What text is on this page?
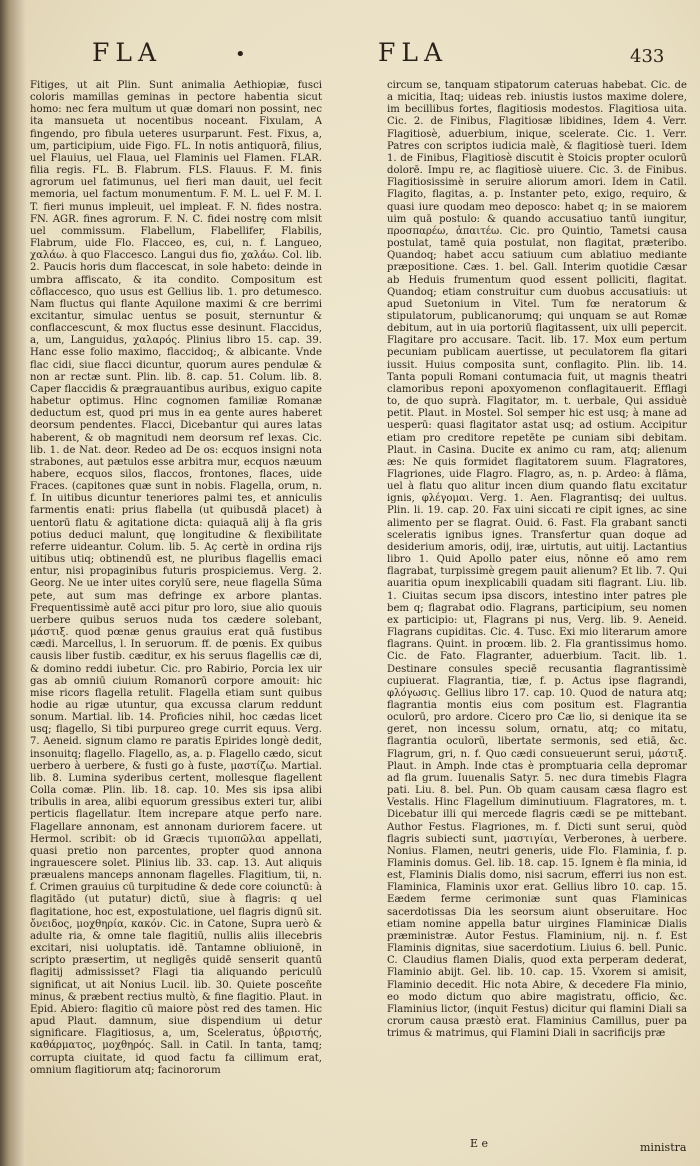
FLA	•	FLA	433

Fitiges, ut ait Plin. Sunt animalia Aethiopiæ, fusci coloris mamillas geminas in pectore habentia sicut homo: nec fera multum ut quæ domari non possint, nec ita mansueta ut nocentibus noceant. Fixulam, A fingendo, pro fibula ueteres usurparunt. Fest. Fixus, a, um, participium, uide Figo. FL. In notis antiquorā, filius, uel Flauius, uel Flaua, uel Flaminis uel Flamen. FLAR. filia regis. FL. B. Flabrum. FLS. Flauus. F. M. finis agrorum uel fatimunus, uel fieri man dauit, uel fecit memoria, uel factum monumentum. F. M. L. uel F. M. I. T. fieri munus impleuit, uel impleat. F. N. fides nostra. FN. AGR. fines agrorum. F. N. C. fidei nostrę com mlsit uel commissum. Flabellum, Flabellifer, Flabilis, Flabrum, uide Flo. Flacceo, es, cui, n. f. Langueo, χαλάω. à quo Flaccesco. Langui dus fio, χαλάω. Col. lib. 2. Paucis horis dum flaccescat, in sole habeto: deinde in umbra affiscato, & ita condito. Compositum est cōflaccesco, quo usus est Gellius lib. 1. pro detumesco. Nam fluctus qui flante Aquilone maximi & cre berrimi excitantur, simulac uentus se posuit, sternuntur & conflaccescunt, & mox fluctus esse desinunt. Flaccidus, a, um, Languidus, χαλαρός. Plinius libro 15. cap. 39. Hanc esse folio maximo, flaccidoq;, & albicante. Vnde flac cidi, siue flacci dicuntur, quorum aures pendulæ & non ar rectæ sunt. Plin. lib. 8. cap. 51. Colum. lib. 8. Caper flaccidis & prægrauantibus auribus, exiguo capite habetur optimus. Hinc cognomen familiæ Romanæ deductum est, quod pri mus in ea gente aures haberet deorsum pendentes. Flacci, Dicebantur qui aures latas haberent, & ob magnitudi nem deorsum ref lexas. Cic. lib. 1. de Nat. deor. Redeo ad De os: ecquos insigni nota strabones, aut pætulos esse arbitra mur, ecquos næuum habere, ecquos silos, flaccos, frontones, flaces, uide Fraces. (capitones quæ sunt in nobis. Flagella, orum, n. f. In uitibus dicuntur teneriores palmi tes, et anniculis farmentis enati: prius flabella (ut quibusdā placet) à uentorū flatu & agitatione dicta: quiaquā alij à fla gris potius deduci malunt, quę longitudine & flexibilitate referre uideantur. Colum. lib. 5. Aç certè in ordina rijs uitibus utiq; obtinendū est, ne pluribus flagellis emaci entur, nisi propaginibus futuris prospiciemus. Verg. 2. Georg. Ne ue inter uites corylū sere, neue flagella Sūma pete, aut sum mas defringe ex arbore plantas. Frequentissimè autē acci pitur pro loro, siue alio quouis uerbere quibus seruos nuda tos cædere solebant, μάστιξ. quod pœnæ genus grauius erat quā fustibus cædi. Marcellus, l. In seruorum. ff. de pœnis. Ex quibus causis liber fustib. cæditur, ex his seruus flagellis cæ di, & domino reddi iubetur. Cic. pro Rabirio, Porcia lex uir gas ab omniū ciuium Romanorū corpore amouit: hic mise ricors flagella retulit. Flagella etiam sunt quibus hodie au rigæ utuntur, qua excussa clarum reddunt sonum. Martial. lib. 14. Proficies nihil, hoc cædas licet usq; flagello, Si tibi purpureo grege currit equus. Verg. 7. Aeneid. signum clamo re paratis Epirides longè dedit, insonuitq; flagello. Flagello, as, a. p. Flagello cædo, sicut uerbero à uerbere, & fusti go à fuste, μαστίζω. Martial. lib. 8. Lumina syderibus certent, mollesque flagellent Colla comæ. Plin. lib. 18. cap. 10. Mes sis ipsa alibi tribulis in area, alibi equorum gressibus exteri tur, alibi perticis flagellatur. Item increpare atque perfo nare. Flagellare annonam, est annonam duriorem facere. ut Hermol. scribit: ob id Græcis τιμιοπῶλαι appellati, quasi pretio non parcentes, propter quod annona ingrauescere solet. Plinius lib. 33. cap. 13. Aut aliquis præualens manceps annonam flagelles. Flagitium, tii, n. f. Crimen grauius cū turpitudine & dede core coiunctū: à flagitādo (ut putatur) dictū, siue à flagris: q uel flagitatione, hoc est, expostulatione, uel flagris dignū sit. ὄνειδος, μοχθηρία, κακόν. Cic. in Catone, Supra uerò & adulte ria, & omne tale flagitiū, nullis aliis illecebris excitari, nisi uoluptatis. idē. Tantamne obliuionē, in scripto præsertim, ut negligēs quidē senserit quantū flagitij admississet? Flagi tia aliquando periculū significat, ut ait Nonius Lucil. lib. 30. Quiete posceñte minus, & præbent rectius multò, & fine flagitio. Plaut. in Epid. Abiero: flagitio cū maiore pòst red des tamen. Hic apud Plaut. damnum, siue dispendium ui detur significare. Flagitiosus, a, um, Sceleratus, ὑβριστής, καθάρματος, μοχθηρός. Sall. in Catil. In tanta, tamq; corrupta ciuitate, id quod factu fa cillimum erat, omnium flagitiorum atq; facinororum

circum se, tanquam stipatorum cateruas habebat. Cic. de a micitia, Itaq; uideas reb. iniustis iustos maxime dolere, im becillibus fortes, flagitiosis modestos. Flagitiosa uita. Cic. 2. de Finibus, Flagitiosæ libidines, Idem 4. Verr. Flagitiosè, aduerbium, inique, scelerate. Cic. 1. Verr. Patres con scriptos iudicia malè, & flagitiosè tueri. Idem 1. de Finibus, Flagitiosè discutit è Stoicis propter oculorū dolorē. Impu re, ac flagitiosè uiuere. Cic. 3. de Finibus. Flagitiosissimè in seruire aliorum amori. Idem in Catil. Flagito, flagitas, a. p. Instanter peto, exigo, requiro, & quasi iure quodam meo deposco: habet q; in se maiorem uim quā postulo: & quando accusatiuo tantū iungitur, προσπαρέω, ἀπαιτέω. Cic. pro Quintio, Tametsi causa postulat, tamē quia postulat, non flagitat, præteribo. Quandoq; habet accu satiuum cum ablatiuo mediante præpositione. Cæs. 1. bel. Gall. Interim quotidie Cæsar ab Heduis frumentum quod essent polliciti, flagitat. Quandoq; etiam construitur cum duobus accusatiuis: ut apud Suetonium in Vitel. Tum fœ neratorum & stipulatorum, publicanorumq; qui unquam se aut Romæ debitum, aut in uia portoriū flagitassent, uix ulli pepercit. Flagitare pro accusare. Tacit. lib. 17. Mox eum pertum pecuniam publicam auertisse, ut peculatorem fla gitari iussit. Huius composita sunt, conflagito. Plin. lib. 14. Tanta populi Romani contumacia fuit, ut magnis theatri clamoribus reponi apoxyomenon conflagitauerit. Efflagi to, de quo suprà. Flagitator, m. t. uerbale, Qui assiduè petit. Plaut. in Mostel. Sol semper hic est usq; à mane ad uesperū: quasi flagitator astat usq; ad ostium. Accipitur etiam pro creditore repetēte pe cuniam sibi debitam. Plaut. in Casina. Ducite ex animo cu ram, atq; alienum æs: Ne quis formidet flagitatorem suum. Flagratores, Flagriones, uide Flagro. Flagro, as, n. p. Ardeo: à flāma, uel à flatu quo alitur incen dium quando flatu excitatur ignis, φλέγομαι. Verg. 1. Aen. Flagrantisq; dei uultus. Plin. li. 19. cap. 20. Fax uini siccati re cipit ignes, ac sine alimento per se flagrat. Ouid. 6. Fast. Fla grabant sancti sceleratis ignibus ignes. Transfertur quan doque ad desiderium amoris, odij, iræ, uirtutis, aut uitij. Lactantius libro 1. Quid Apollo pater eius, nōnne eō amo rem flagrabat, turpissimè gregem pauit alienum? Et lib. 7. Qui auaritia opum inexplicabili quadam siti flagrant. Liu. lib. 1. Ciuitas secum ipsa discors, intestino inter patres ple bem q; flagrabat odio. Flagrans, participium, seu nomen ex participio: ut, Flagrans pi nus, Verg. lib. 9. Aeneid. Flagrans cupiditas. Cic. 4. Tusc. Exi mio literarum amore flagrans. Quint. in proœm. lib. 2. Fla grantissimus homo. Cic. de Fato. Flagranter, aduerbium. Tacit. lib. 1. Destinare consules speciē recusantia flagrantissimè cupiuerat. Flagrantia, tiæ, f. p. Actus ipse flagrandi, φλόγωσις. Gellius libro 17. cap. 10. Quod de natura atq; flagrantia montis eius com positum est. Flagrantia oculorū, pro ardore. Cicero pro Cæ lio, si denique ita se geret, non incessu solum, ornatu, atq; co mitatu, flagrantia oculorū, libertate sermonis, sed etiā, &c. Flagrum, gri, n. f. Quo cædi consueuerunt serui, μάστιξ. Plaut. in Amph. Inde ctas è promptuaria cella depromar ad fla grum. Iuuenalis Satyr. 5. nec dura timebis Flagra pati. Liu. 8. bel. Pun. Ob quam causam cæsa flagro est Vestalis. Hinc Flagellum diminutiuum. Flagratores, m. t. Dicebatur illi qui mercede flagris cædi se pe mittebant. Author Festus. Flagriones, m. f. Dicti sunt serui, quòd flagris subiecti sunt, μαστιγίαι, Verberones, à uerbere. Nonius. Flamen, neutri generis, uide Flo. Flaminia, f. p. Flaminis domus. Gel. lib. 18. cap. 15. Ignem è fla minia, id est, Flaminis Dialis domo, nisi sacrum, efferri ius non est. Flaminica, Flaminis uxor erat. Gellius libro 10. cap. 15. Eædem ferme cerimoniæ sunt quas Flaminicas sacerdotissas Dia les seorsum aiunt obseruitare. Hoc etiam nomine appella batur uirgines Flaminicæ Dialis præministræ. Autor Festus. Flaminium, nij. n. f. Est Flaminis dignitas, siue sacerdotium. Liuius 6. bell. Punic. C. Claudius flamen Dialis, quod exta perperam dederat, Flaminio abijt. Gel. lib. 10. cap. 15. Vxorem si amisit, Flaminio decedit. Hic nota Abire, & decedere Fla minio, eo modo dictum quo abire magistratu, officio, &c. Flaminius lictor, (inquit Festus) dicitur qui flamini Diali sa crorum causa præstò erat. Flaminius Camillus, puer pa trimus & matrimus, qui Flamini Diali in sacrificijs præ

E e	ministra
